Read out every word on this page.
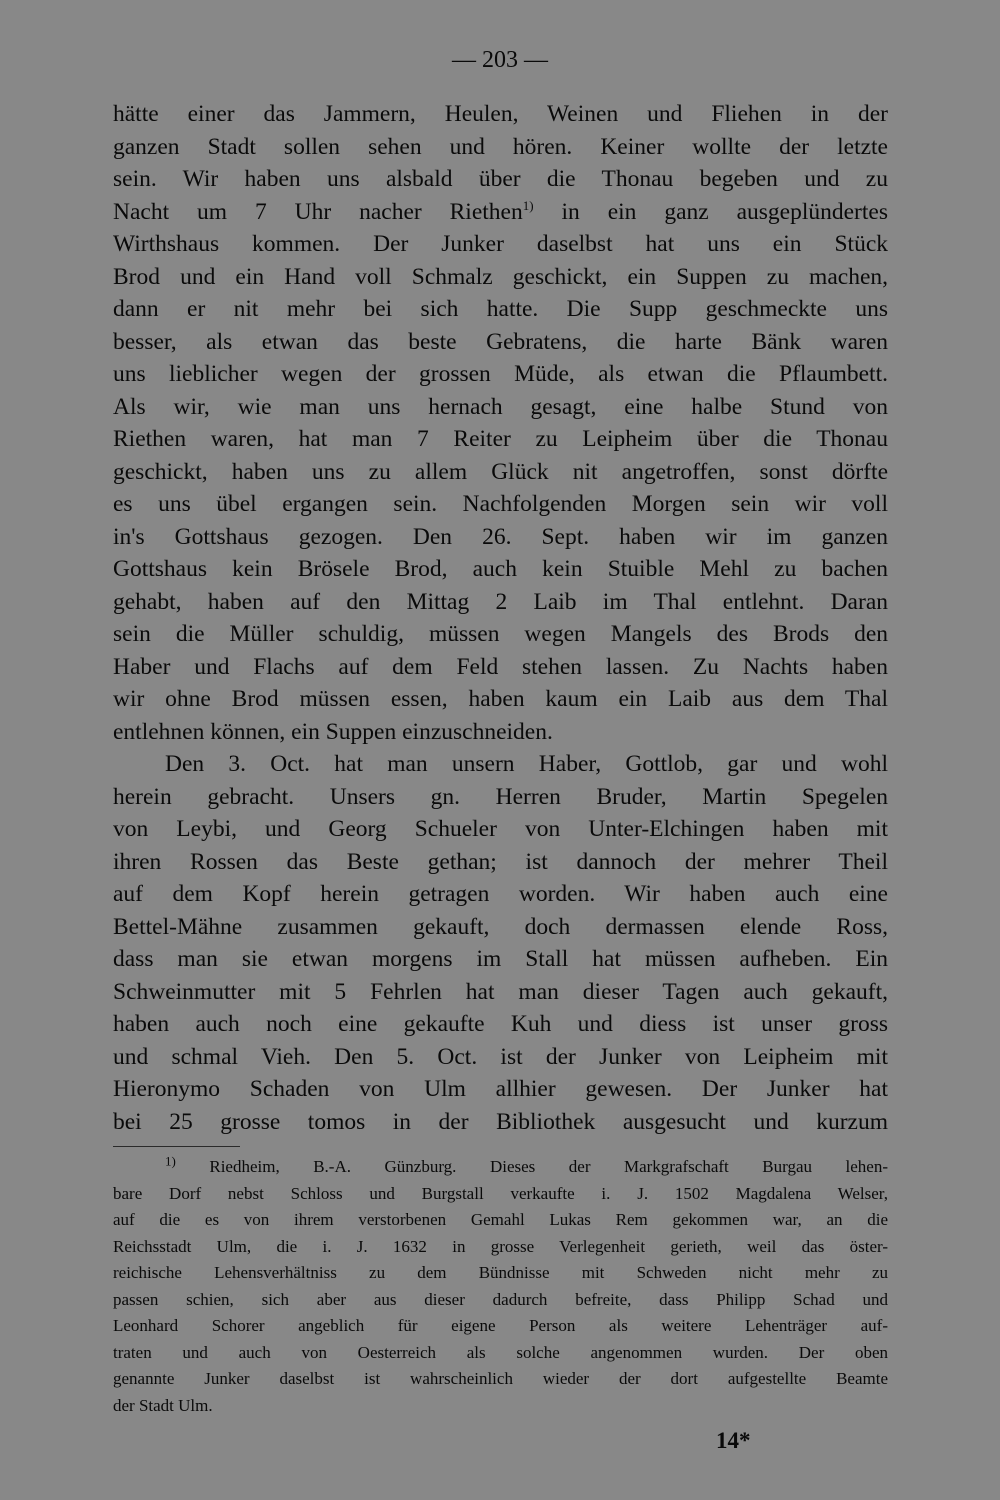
— 203 —
hätte einer das Jammern, Heulen, Weinen und Fliehen in der
ganzen Stadt sollen sehen und hören. Keiner wollte der letzte
sein. Wir haben uns alsbald über die Thonau begeben und zu
Nacht um 7 Uhr nacher Riethen$^{1)}$ in ein ganz ausgeplündertes
Wirthshaus kommen. Der Junker daselbst hat uns ein Stück
Brod und ein Hand voll Schmalz geschickt, ein Suppen zu machen,
dann er nit mehr bei sich hatte. Die Supp geschmeckte uns
besser, als etwan das beste Gebratens, die harte Bänk waren
uns lieblicher wegen der grossen Müde, als etwan die Pflaumbett.
Als wir, wie man uns hernach gesagt, eine halbe Stund von
Riethen waren, hat man 7 Reiter zu Leipheim über die Thonau
geschickt, haben uns zu allem Glück nit angetroffen, sonst dörfte
es uns übel ergangen sein. Nachfolgenden Morgen sein wir voll
in's Gottshaus gezogen. Den 26. Sept. haben wir im ganzen
Gottshaus kein Brösele Brod, auch kein Stuible Mehl zu bachen
gehabt, haben auf den Mittag 2 Laib im Thal entlehnt. Daran
sein die Müller schuldig, müssen wegen Mangels des Brods den
Haber und Flachs auf dem Feld stehen lassen. Zu Nachts haben
wir ohne Brod müssen essen, haben kaum ein Laib aus dem Thal
entlehnen können, ein Suppen einzuschneiden.
Den 3. Oct. hat man unsern Haber, Gottlob, gar und wohl
herein gebracht. Unsers gn. Herren Bruder, Martin Spegelen
von Leybi, und Georg Schueler von Unter-Elchingen haben mit
ihren Rossen das Beste gethan; ist dannoch der mehrer Theil
auf dem Kopf herein getragen worden. Wir haben auch eine
Bettel-Mähne zusammen gekauft, doch dermassen elende Ross,
dass man sie etwan morgens im Stall hat müssen aufheben. Ein
Schweinmutter mit 5 Fehrlen hat man dieser Tagen auch gekauft,
haben auch noch eine gekaufte Kuh und diess ist unser gross
und schmal Vieh. Den 5. Oct. ist der Junker von Leipheim mit
Hieronymo Schaden von Ulm allhier gewesen. Der Junker hat
bei 25 grosse tomos in der Bibliothek ausgesucht und kurzum
$^{1)}$ Riedheim, B.-A. Günzburg. Dieses der Markgrafschaft Burgau lehen-
bare Dorf nebst Schloss und Burgstall verkaufte i. J. 1502 Magdalena Welser,
auf die es von ihrem verstorbenen Gemahl Lukas Rem gekommen war, an die
Reichsstadt Ulm, die i. J. 1632 in grosse Verlegenheit gerieth, weil das öster-
reichische Lehensverhältniss zu dem Bündnisse mit Schweden nicht mehr zu
passen schien, sich aber aus dieser dadurch befreite, dass Philipp Schad und
Leonhard Schorer angeblich für eigene Person als weitere Lehenträger auf-
traten und auch von Oesterreich als solche angenommen wurden. Der oben
genannte Junker daselbst ist wahrscheinlich wieder der dort aufgestellte Beamte
der Stadt Ulm.
14*
